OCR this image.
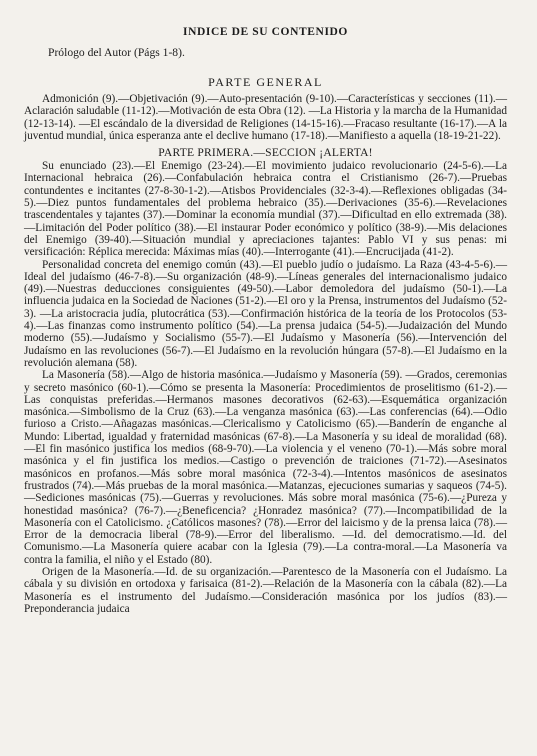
INDICE DE SU CONTENIDO
Prólogo del Autor (Págs 1-8).
PARTE GENERAL

Admonición (9).—Objetivación (9).—Auto-presentación (9-10).—Características y secciones (11).—Aclaración saludable (11-12).—Motivación de esta Obra (12). —La Historia y la marcha de la Humanidad (12-13-14). —El escándalo de la diversidad de Religiones (14-15-16).—Fracaso resultante (16-17).—A la juventud mundial, única esperanza ante el declive humano (17-18).—Manifiesto a aquella (18-19-21-22).

PARTE PRIMERA.—SECCION ¡ALERTA!

Su enunciado (23).—El Enemigo (23-24).—El movimiento judaico revolucionario (24-5-6).—La Internacional hebraica (26).—Confabulación hebraica contra el Cristianismo (26-7).—Pruebas contundentes e incitantes (27-8-30-1-2).—Atisbos Providenciales (32-3-4).—Reflexiones obligadas (34-5).—Diez puntos fundamentales del problema hebraico (35).—Derivaciones (35-6).—Revelaciones trascendentales y tajantes (37).—Dominar la economía mundial (37).—Dificultad en ello extremada (38).—Limitación del Poder político (38).—El instaurar Poder económico y político (38-9).—Mis delaciones del Enemigo (39-40).—Situación mundial y apreciaciones tajantes: Pablo VI y sus penas: mi versificación: Réplica merecida: Máximas mías (40).—Interrogante (41).—Encrucijada (41-2).

Personalidad concreta del enemigo común (43).—El pueblo judío o judaísmo. La Raza (43-4-5-6).—Ideal del judaísmo (46-7-8).—Su organización (48-9).—Líneas generales del internacionalismo judaico (49).—Nuestras deducciones consiguientes (49-50).—Labor demoledora del judaísmo (50-1).—La influencia judaica en la Sociedad de Naciones (51-2).—El oro y la Prensa, instrumentos del Judaísmo (52-3). —La aristocracia judía, plutocrática (53).—Confirmación histórica de la teoría de los Protocolos (53-4).—Las finanzas como instrumento político (54).—La prensa judaica (54-5).—Judaización del Mundo moderno (55).—Judaísmo y Socialismo (55-7).—El Judaísmo y Masonería (56).—Intervención del Judaísmo en las revoluciones (56-7).—El Judaísmo en la revolución húngara (57-8).—El Judaísmo en la revolución alemana (58).

La Masonería (58).—Algo de historia masónica.—Judaísmo y Masonería (59). —Grados, ceremonias y secreto masónico (60-1).—Cómo se presenta la Masonería: Procedimientos de proselitismo (61-2).—Las conquistas preferidas.—Hermanos masones decorativos (62-63).—Esquemática organización masónica.—Simbolismo de la Cruz (63).—La venganza masónica (63).—Las conferencias (64).—Odio furioso a Cristo.—Añagazas masónicas.—Clericalismo y Catolicismo (65).—Banderín de enganche al Mundo: Libertad, igualdad y fraternidad masónicas (67-8).—La Masonería y su ideal de moralidad (68).—El fin masónico justifica los medios (68-9-70).—La violencia y el veneno (70-1).—Más sobre moral masónica y el fin justifica los medios.—Castigo o prevención de traiciones (71-72).—Asesinatos masónicos en profanos.—Más sobre moral masónica (72-3-4).—Intentos masónicos de asesinatos frustrados (74).—Más pruebas de la moral masónica.—Matanzas, ejecuciones sumarias y saqueos (74-5).—Sediciones masónicas (75).—Guerras y revoluciones. Más sobre moral masónica (75-6).—¿Pureza y honestidad masónica? (76-7).—¿Beneficencia? ¿Honradez masónica? (77).—Incompatibilidad de la Masonería con el Catolicismo. ¿Católicos masones? (78).—Error del laicismo y de la prensa laica (78).—Error de la democracia liberal (78-9).—Error del liberalismo. —Id. del democratismo.—Id. del Comunismo.—La Masonería quiere acabar con la Iglesia (79).—La contra-moral.—La Masonería va contra la familia, el niño y el Estado (80).

Origen de la Masonería.—Id. de su organización.—Parentesco de la Masonería con el Judaísmo. La cábala y su división en ortodoxa y farisaica (81-2).—Relación de la Masonería con la cábala (82).—La Masonería es el instrumento del Judaísmo.—Consideración masónica por los judíos (83).—Preponderancia judaica
